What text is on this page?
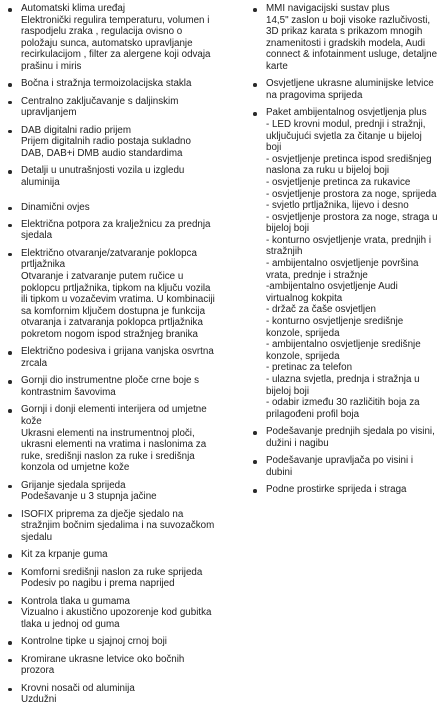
Automatski klima uređaj
Elektronički regulira temperaturu, volumen i raspodjelu zraka , regulacija ovisno o položaju sunca, automatsko upravljanje recirkulacijom , filter za alergene koji odvaja prašinu i miris
Bočna i stražnja termoizolacijska stakla
Centralno zaključavanje s daljinskim upravljanjem
DAB digitalni radio prijem
Prijem digitalnih radio postaja sukladno DAB, DAB+i DMB audio standardima
Detalji u unutrašnjosti vozila u izgledu aluminija
Dinamični ovjes
Električna potpora za kralježnicu za prednja sjedala
Električno otvaranje/zatvaranje poklopca prtljažnika
Otvaranje i zatvaranje putem ručice u poklopcu prtljažnika, tipkom na ključu vozila ili tipkom u vozačevim vratima. U kombinaciji sa komfornim ključem dostupna je funkcija otvaranja i zatvaranja poklopca prtljažnika pokretom nogom ispod stražnjeg branika
Električno podesiva i grijana vanjska osvrtna zrcala
Gornji dio instrumentne ploče crne boje s kontrastnim šavovima
Gornji i donji elementi interijera od umjetne kože
Ukrasni elementi na instrumentnoj ploči, ukrasni elementi na vratima i naslonima za ruke, središnji naslon za ruke i središnja konzola od umjetne kože
Grijanje sjedala sprijeda
Podešavanje u 3 stupnja jačine
ISOFIX priprema za dječje sjedalo na stražnjim bočnim sjedalima i na suvozačkom sjedalu
Kit za krpanje guma
Komforni središnji naslon za ruke sprijeda
Podesiv po nagibu i prema naprijed
Kontrola tlaka u gumama
Vizualno i akustično upozorenje kod gubitka tlaka u jednoj od guma
Kontrolne tipke u sjajnoj crnoj boji
Kromirane ukrasne letvice oko bočnih prozora
Krovni nosači od aluminija
Uzdužni
MMI navigacijski sustav plus
14,5" zaslon u boji visoke razlučivosti, 3D prikaz karata s prikazom mnogih znamenitosti i gradskih modela, Audi connect & infotainment usluge, detaljne karte
Osvjetljene ukrasne aluminijske letvice na pragovima sprijeda
Paket ambijentalnog osvjetljenja plus
- LED krovni modul, prednji i stražnji, uključujući svjetla za čitanje u bijeloj boji
- osvjetljenje pretinca ispod središnjeg naslona za ruku u bijeloj boji
- osvjetljenje pretinca za rukavice
- osvjetljenje prostora za noge, sprijeda
- svjetlo prtljažnika, lijevo i desno
- osvjetljenje prostora za noge, straga u bijeloj boji
- konturno osvjetljenje vrata, prednjih i stražnjih
- ambijentalno osvjetljenje površina vrata, prednje i stražnje
-ambijentalno osvjetljenje Audi virtualnog kokpita
- držač za čaše osvjetljen
- konturno osvjetljenje središnje konzole, sprijeda
- ambijentalno osvjetljenje središnje konzole, sprijeda
- pretinac za telefon
- ulazna svjetla, prednja i stražnja u bijeloj boji
- odabir između 30 različitih boja za prilagođeni profil boja
Podešavanje prednjih sjedala po visini, dužini i nagibu
Podešavanje upravljača po visini i dubini
Podne prostirke sprijeda i straga
